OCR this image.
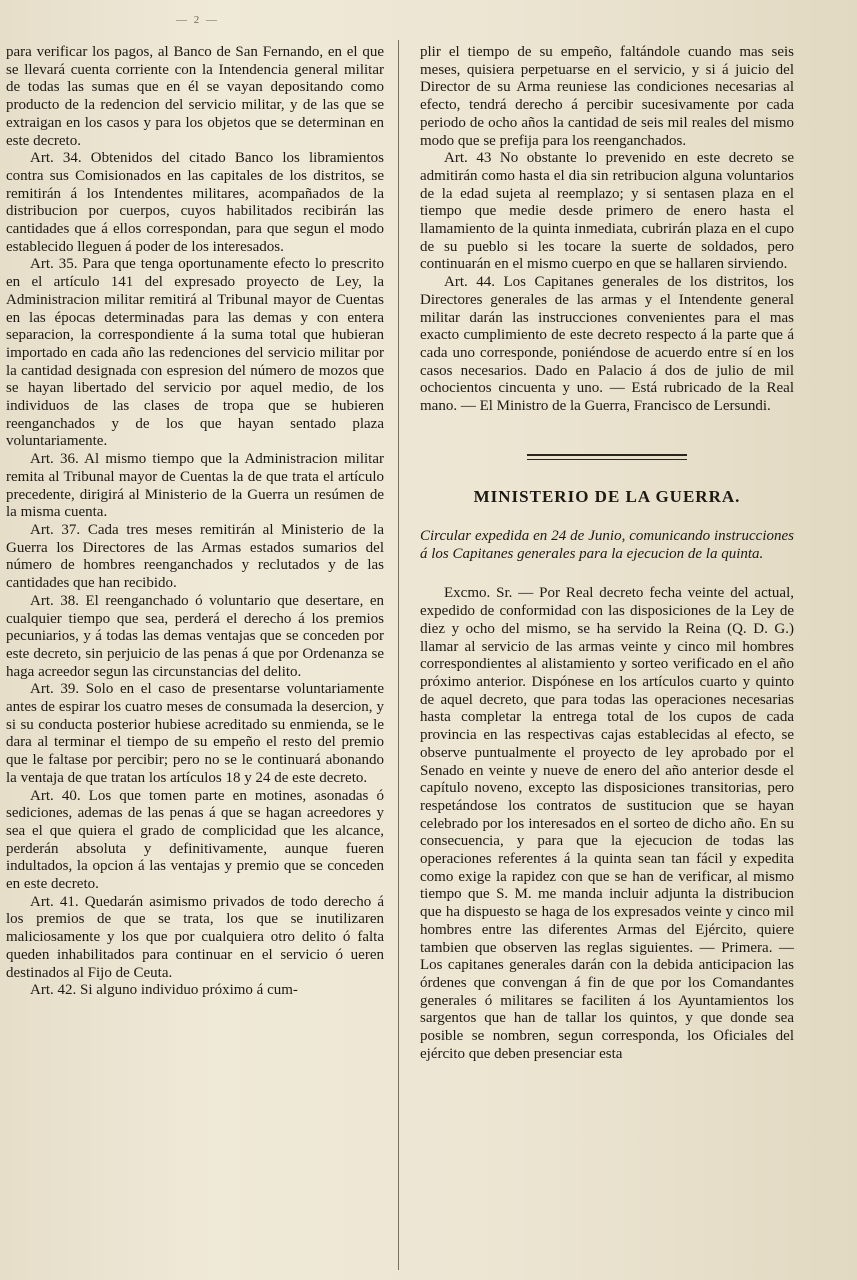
— 2 —

para verificar los pagos, al Banco de San Fernando, en el que se llevará cuenta corriente con la Intendencia general militar de todas las sumas que en él se vayan depositando como producto de la redencion del servicio militar, y de las que se extraigan en los casos y para los objetos que se determinan en este decreto.

Art. 34. Obtenidos del citado Banco los libramientos contra sus Comisionados en las capitales de los distritos, se remitirán á los Intendentes militares, acompañados de la distribucion por cuerpos, cuyos habilitados recibirán las cantidades que á ellos correspondan, para que segun el modo establecido lleguen á poder de los interesados.

Art. 35. Para que tenga oportunamente efecto lo prescrito en el artículo 141 del expresado proyecto de Ley, la Administracion militar remitirá al Tribunal mayor de Cuentas en las épocas determinadas para las demas y con entera separacion, la correspondiente á la suma total que hubieran importado en cada año las redenciones del servicio militar por la cantidad designada con espresion del número de mozos que se hayan libertado del servicio por aquel medio, de los individuos de las clases de tropa que se hubieren reenganchados y de los que hayan sentado plaza voluntariamente.

Art. 36. Al mismo tiempo que la Administracion militar remita al Tribunal mayor de Cuentas la de que trata el artículo precedente, dirigirá al Ministerio de la Guerra un resúmen de la misma cuenta.

Art. 37. Cada tres meses remitirán al Ministerio de la Guerra los Directores de las Armas estados sumarios del número de hombres reenganchados y reclutados y de las cantidades que han recibido.

Art. 38. El reenganchado ó voluntario que desertare, en cualquier tiempo que sea, perderá el derecho á los premios pecuniarios, y á todas las demas ventajas que se conceden por este decreto, sin perjuicio de las penas á que por Ordenanza se haga acreedor segun las circunstancias del delito.

Art. 39. Solo en el caso de presentarse voluntariamente antes de espirar los cuatro meses de consumada la desercion, y si su conducta posterior hubiese acreditado su enmienda, se le dara al terminar el tiempo de su empeño el resto del premio que le faltase por percibir; pero no se le continuará abonando la ventaja de que tratan los artículos 18 y 24 de este decreto.

Art. 40. Los que tomen parte en motines, asonadas ó sediciones, ademas de las penas á que se hagan acreedores y sea el que quiera el grado de complicidad que les alcance, perderán absoluta y definitivamente, aunque fueren indultados, la opcion á las ventajas y premio que se conceden en este decreto.

Art. 41. Quedarán asimismo privados de todo derecho á los premios de que se trata, los que se inutilizaren maliciosamente y los que por cualquiera otro delito ó falta queden inhabilitados para continuar en el servicio ó ueren destinados al Fijo de Ceuta.

Art. 42. Si alguno individuo próximo á cum-

plir el tiempo de su empeño, faltándole cuando mas seis meses, quisiera perpetuarse en el servicio, y si á juicio del Director de su Arma reuniese las condiciones necesarias al efecto, tendrá derecho á percibir sucesivamente por cada periodo de ocho años la cantidad de seis mil reales del mismo modo que se prefija para los reenganchados.

Art. 43 No obstante lo prevenido en este decreto se admitirán como hasta el dia sin retribucion alguna voluntarios de la edad sujeta al reemplazo; y si sentasen plaza en el tiempo que medie desde primero de enero hasta el llamamiento de la quinta inmediata, cubrirán plaza en el cupo de su pueblo si les tocare la suerte de soldados, pero continuarán en el mismo cuerpo en que se hallaren sirviendo.

Art. 44. Los Capitanes generales de los distritos, los Directores generales de las armas y el Intendente general militar darán las instrucciones convenientes para el mas exacto cumplimiento de este decreto respecto á la parte que á cada uno corresponde, poniéndose de acuerdo entre sí en los casos necesarios. Dado en Palacio á dos de julio de mil ochocientos cincuenta y uno. — Está rubricado de la Real mano. — El Ministro de la Guerra, Francisco de Lersundi.

MINISTERIO DE LA GUERRA.
Circular expedida en 24 de Junio, comunicando instrucciones á los Capitanes generales para la ejecucion de la quinta.

Excmo. Sr. — Por Real decreto fecha veinte del actual, expedido de conformidad con las disposiciones de la Ley de diez y ocho del mismo, se ha servido la Reina (Q. D. G.) llamar al servicio de las armas veinte y cinco mil hombres correspondientes al alistamiento y sorteo verificado en el año próximo anterior. Dispónese en los artículos cuarto y quinto de aquel decreto, que para todas las operaciones necesarias hasta completar la entrega total de los cupos de cada provincia en las respectivas cajas establecidas al efecto, se observe puntualmente el proyecto de ley aprobado por el Senado en veinte y nueve de enero del año anterior desde el capítulo noveno, excepto las disposiciones transitorias, pero respetándose los contratos de sustitucion que se hayan celebrado por los interesados en el sorteo de dicho año. En su consecuencia, y para que la ejecucion de todas las operaciones referentes á la quinta sean tan fácil y expedita como exige la rapidez con que se han de verificar, al mismo tiempo que S. M. me manda incluir adjunta la distribucion que ha dispuesto se haga de los expresados veinte y cinco mil hombres entre las diferentes Armas del Ejército, quiere tambien que observen las reglas siguientes. — Primera. — Los capitanes generales darán con la debida anticipacion las órdenes que convengan á fin de que por los Comandantes generales ó militares se faciliten á los Ayuntamientos los sargentos que han de tallar los quintos, y que donde sea posible se nombren, segun corresponda, los Oficiales del ejército que deben presenciar esta
